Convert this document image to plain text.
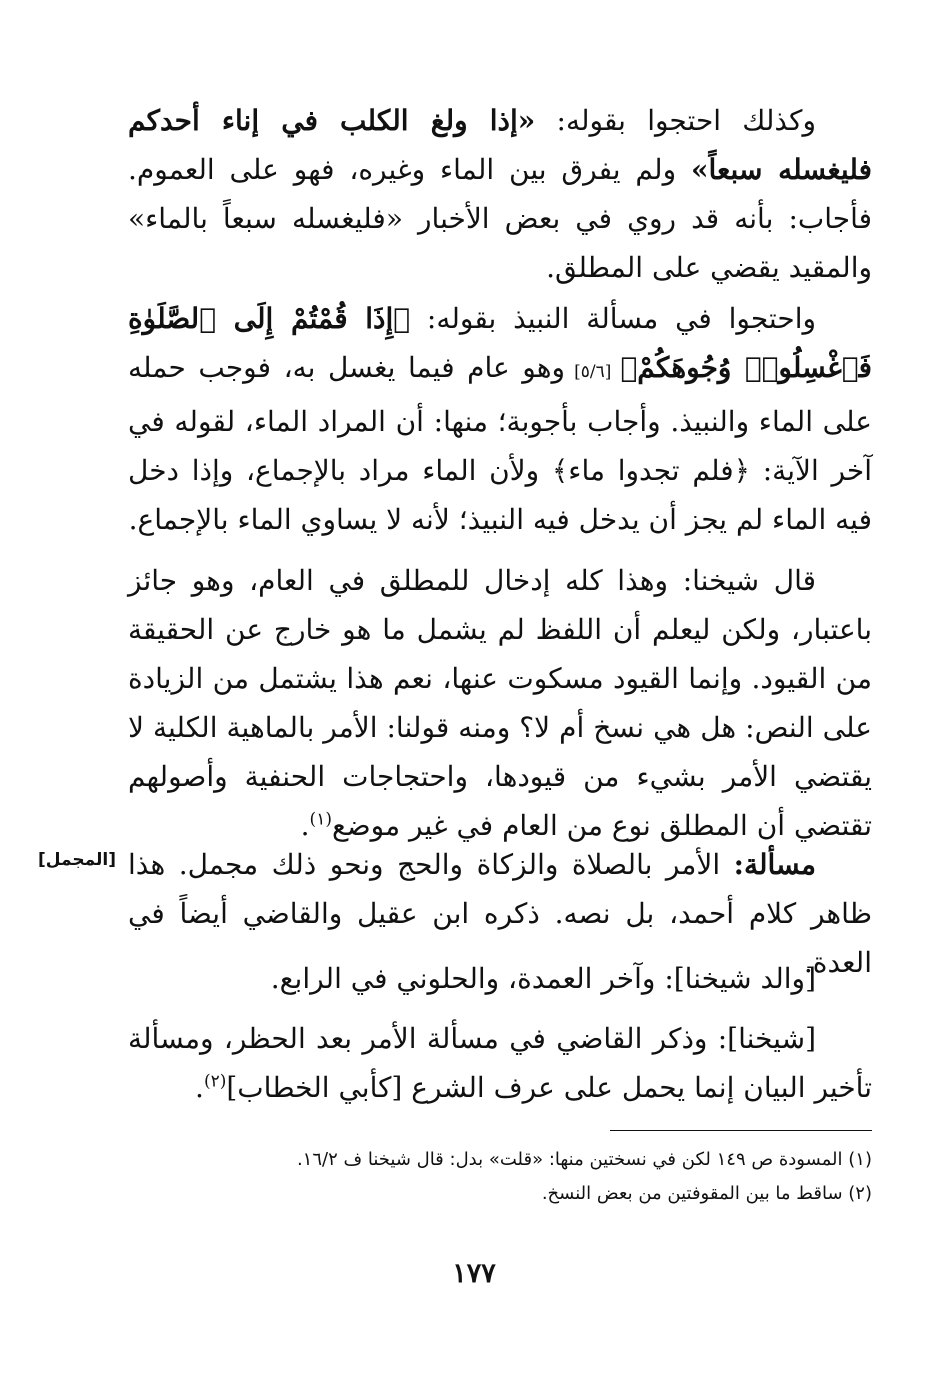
وكذلك احتجوا بقوله: «إذا ولغ الكلب في إناء أحدكم فليغسله سبعاً» ولم يفرق بين الماء وغيره، فهو على العموم. فأجاب: بأنه قد روي في بعض الأخبار «فليغسله سبعاً بالماء» والمقيد يقضي على المطلق.

واحتجوا في مسألة النبيذ بقوله: ﴿إِذَا قُمْتُمْ إِلَى ٱلصَّلَوٰةِ فَٱغْسِلُوا۟ وُجُوهَكُمْ﴾ [٥/٦] وهو عام فيما يغسل به، فوجب حمله على الماء والنبيذ. وأجاب بأجوبة؛ منها: أن المراد الماء، لقوله في آخر الآية: ﴿فلم تجدوا ماء﴾ ولأن الماء مراد بالإجماع، وإذا دخل فيه الماء لم يجز أن يدخل فيه النبيذ؛ لأنه لا يساوي الماء بالإجماع.

قال شيخنا: وهذا كله إدخال للمطلق في العام، وهو جائز باعتبار، ولكن ليعلم أن اللفظ لم يشمل ما هو خارج عن الحقيقة من القيود. وإنما القيود مسكوت عنها، نعم هذا يشتمل من الزيادة على النص: هل هي نسخ أم لا؟ ومنه قولنا: الأمر بالماهية الكلية لا يقتضي الأمر بشيء من قيودها، واحتجاجات الحنفية وأصولهم تقتضي أن المطلق نوع من العام في غير موضع$^{(١)}$.

مسألة: الأمر بالصلاة والزكاة والحج ونحو ذلك مجمل. هذا ظاهر كلام أحمد، بل نصه. ذكره ابن عقيل والقاضي أيضاً في العدة.

[المجمل]

[والد شيخنا]: وآخر العمدة، والحلوني في الرابع.

[شيخنا]: وذكر القاضي في مسألة الأمر بعد الحظر، ومسألة تأخير البيان إنما يحمل على عرف الشرع [كأبي الخطاب]$^{(٢)}$.

(١) المسودة ص ١٤٩ لكن في نسختين منها: «قلت» بدل: قال شيخنا ف ١٦/٢.
(٢) ساقط ما بين المقوفتين من بعض النسخ.
١٧٧
